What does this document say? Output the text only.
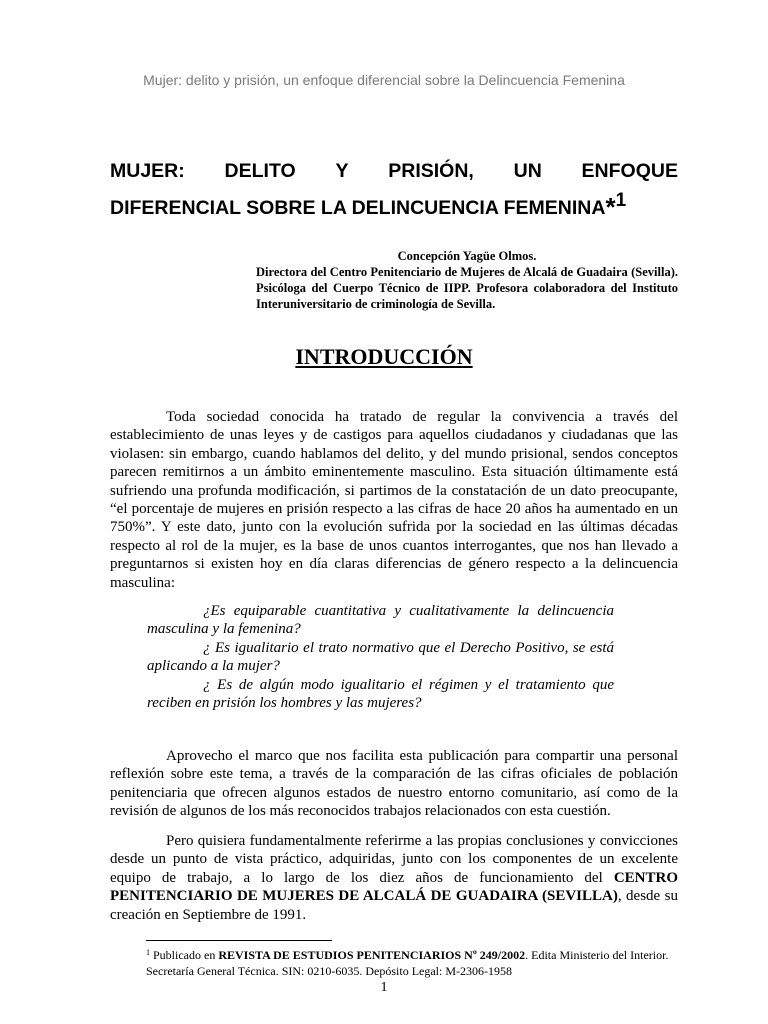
Mujer: delito y prisión, un enfoque diferencial sobre la Delincuencia Femenina
MUJER: DELITO Y PRISIÓN, UN ENFOQUE
DIFERENCIAL SOBRE LA DELINCUENCIA FEMENINA*$^1$
Concepción Yagüe Olmos.
Directora del Centro Penitenciario de Mujeres de Alcalá de Guadaira (Sevilla). Psicóloga del Cuerpo Técnico de IIPP. Profesora colaboradora del Instituto Interuniversitario de criminología de Sevilla.
INTRODUCCIÓN

Toda sociedad conocida ha tratado de regular la convivencia a través del establecimiento de unas leyes y de castigos para aquellos ciudadanos y ciudadanas que las violasen: sin embargo, cuando hablamos del delito, y del mundo prisional, sendos conceptos parecen remitirnos a un ámbito eminentemente masculino. Esta situación últimamente está sufriendo una profunda modificación, si partimos de la constatación de un dato preocupante, “el porcentaje de mujeres en prisión respecto a las cifras de hace 20 años ha aumentado en un 750%”. Y este dato, junto con la evolución sufrida por la sociedad en las últimas décadas respecto al rol de la mujer, es la base de unos cuantos interrogantes, que nos han llevado a preguntarnos si existen hoy en día claras diferencias de género respecto a la delincuencia masculina:

¿Es equiparable cuantitativa y cualitativamente la delincuencia masculina y la femenina?

¿ Es igualitario el trato normativo que el Derecho Positivo, se está aplicando a la mujer?

¿ Es de algún modo igualitario el régimen y el tratamiento que reciben en prisión los hombres y las mujeres?

Aprovecho el marco que nos facilita esta publicación para compartir una personal reflexión sobre este tema, a través de la comparación de las cifras oficiales de población penitenciaria que ofrecen algunos estados de nuestro entorno comunitario, así como de la revisión de algunos de los más reconocidos trabajos relacionados con esta cuestión.

Pero quisiera fundamentalmente referirme a las propias conclusiones y convicciones desde un punto de vista práctico, adquiridas, junto con los componentes de un excelente equipo de trabajo, a lo largo de los diez años de funcionamiento del CENTRO PENITENCIARIO DE MUJERES DE ALCALÁ DE GUADAIRA (SEVILLA), desde su creación en Septiembre de 1991.

$^1$ Publicado en REVISTA DE ESTUDIOS PENITENCIARIOS Nº 249/2002. Edita Ministerio del Interior. Secretaría General Técnica. SIN: 0210-6035. Depósito Legal: M-2306-1958
1
